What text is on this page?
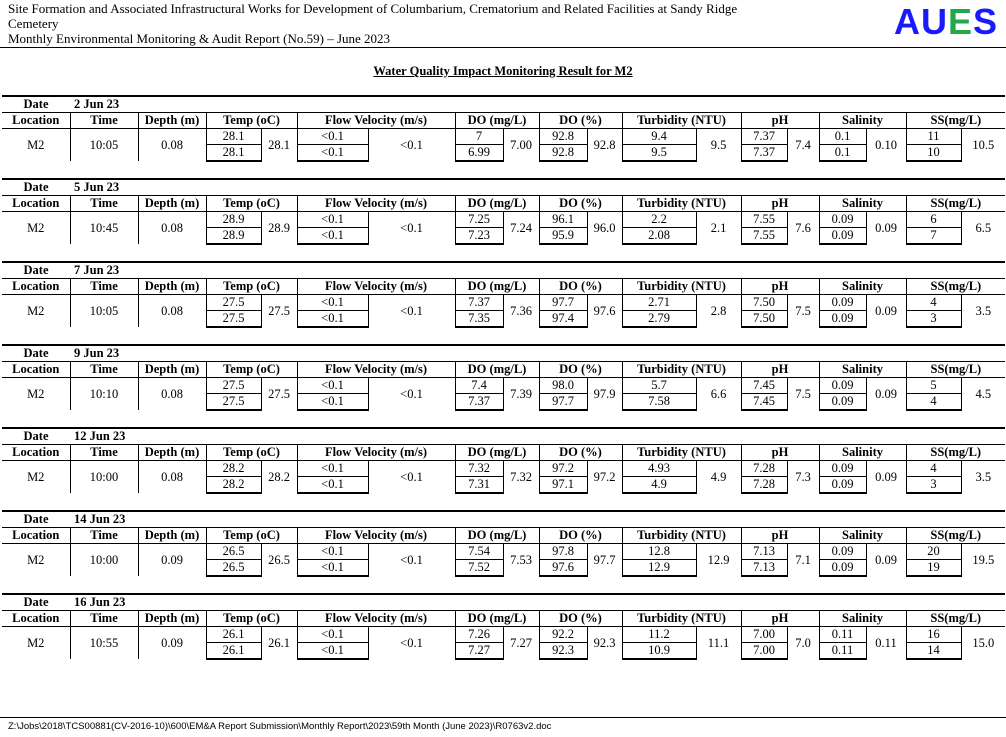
Site Formation and Associated Infrastructural Works for Development of Columbarium, Crematorium and Related Facilities at Sandy Ridge
Cemetery
Monthly Environmental Monitoring & Audit Report (No.59) – June 2023	AUES
Water Quality Impact Monitoring Result for M2
Date	2 Jun 23																	
Location	Time	Depth (m)	Temp (oC)		Flow Velocity (m/s)		DO (mg/L)		DO (%)		Turbidity (NTU)		pH		Salinity		SS(mg/L)	
M2	10:05	0.08	28.1	28.1	<0.1	<0.1	7	7.00	92.8	92.8	9.4	9.5	7.37	7.4	0.1	0.10	11	10.5
			28.1		<0.1		6.99		92.8		9.5		7.37		0.1		10	
Date	5 Jun 23																	
Location	Time	Depth (m)	Temp (oC)		Flow Velocity (m/s)		DO (mg/L)		DO (%)		Turbidity (NTU)		pH		Salinity		SS(mg/L)	
M2	10:45	0.08	28.9	28.9	<0.1	<0.1	7.25	7.24	96.1	96.0	2.2	2.1	7.55	7.6	0.09	0.09	6	6.5
			28.9		<0.1		7.23		95.9		2.08		7.55		0.09		7	
Date	7 Jun 23																	
Location	Time	Depth (m)	Temp (oC)		Flow Velocity (m/s)		DO (mg/L)		DO (%)		Turbidity (NTU)		pH		Salinity		SS(mg/L)	
M2	10:05	0.08	27.5	27.5	<0.1	<0.1	7.37	7.36	97.7	97.6	2.71	2.8	7.50	7.5	0.09	0.09	4	3.5
			27.5		<0.1		7.35		97.4		2.79		7.50		0.09		3	
Date	9 Jun 23																	
Location	Time	Depth (m)	Temp (oC)		Flow Velocity (m/s)		DO (mg/L)		DO (%)		Turbidity (NTU)		pH		Salinity		SS(mg/L)	
M2	10:10	0.08	27.5	27.5	<0.1	<0.1	7.4	7.39	98.0	97.9	5.7	6.6	7.45	7.5	0.09	0.09	5	4.5
			27.5		<0.1		7.37		97.7		7.58		7.45		0.09		4	
Date	12 Jun 23																	
Location	Time	Depth (m)	Temp (oC)		Flow Velocity (m/s)		DO (mg/L)		DO (%)		Turbidity (NTU)		pH		Salinity		SS(mg/L)	
M2	10:00	0.08	28.2	28.2	<0.1	<0.1	7.32	7.32	97.2	97.2	4.93	4.9	7.28	7.3	0.09	0.09	4	3.5
			28.2		<0.1		7.31		97.1		4.9		7.28		0.09		3	
Date	14 Jun 23																	
Location	Time	Depth (m)	Temp (oC)		Flow Velocity (m/s)		DO (mg/L)		DO (%)		Turbidity (NTU)		pH		Salinity		SS(mg/L)	
M2	10:00	0.09	26.5	26.5	<0.1	<0.1	7.54	7.53	97.8	97.7	12.8	12.9	7.13	7.1	0.09	0.09	20	19.5
			26.5		<0.1		7.52		97.6		12.9		7.13		0.09		19	
Date	16 Jun 23																	
Location	Time	Depth (m)	Temp (oC)		Flow Velocity (m/s)		DO (mg/L)		DO (%)		Turbidity (NTU)		pH		Salinity		SS(mg/L)	
M2	10:55	0.09	26.1	26.1	<0.1	<0.1	7.26	7.27	92.2	92.3	11.2	11.1	7.00	7.0	0.11	0.11	16	15.0
			26.1		<0.1		7.27		92.3		10.9		7.00		0.11		14	
Z:\Jobs\2018\TCS00881(CV-2016-10)\600\EM&A Report Submission\Monthly Report\2023\59th Month (June 2023)\R0763v2.doc
